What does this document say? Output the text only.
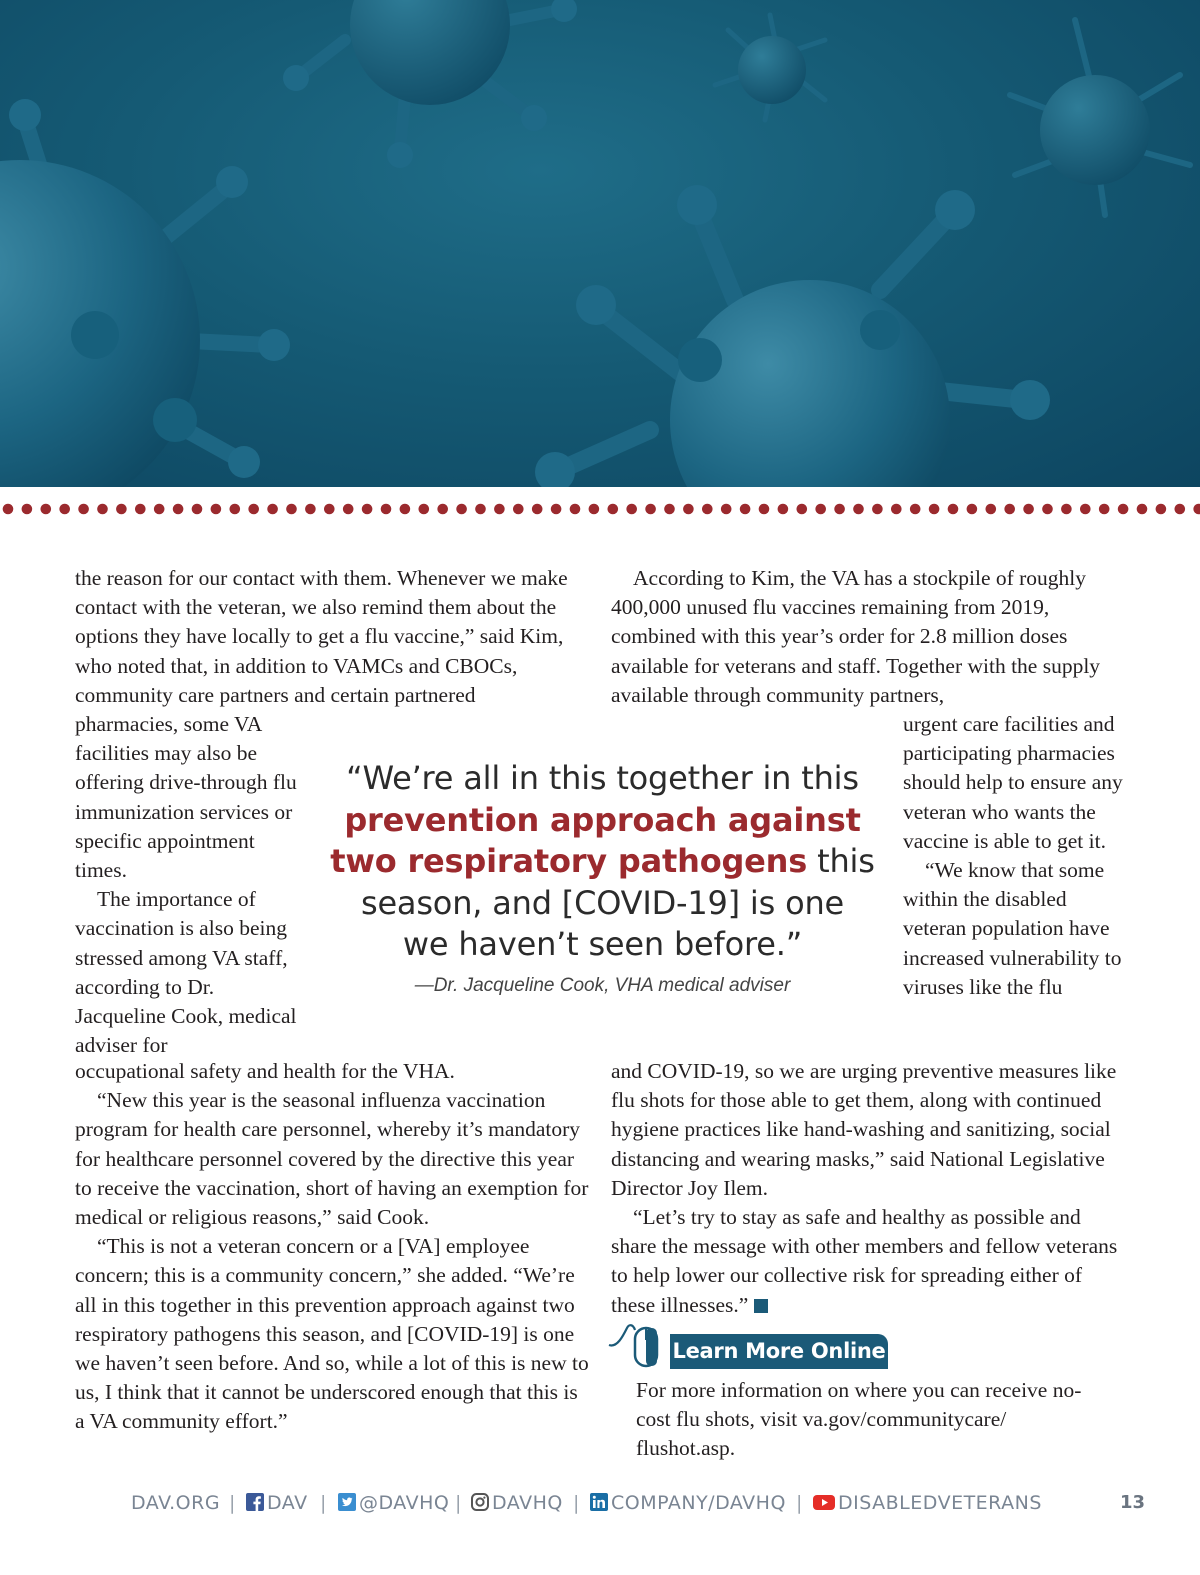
the reason for our contact with them. Whenever we make contact with the veteran, we also remind them about the options they have locally to get a flu vaccine,” said Kim, who noted that, in addition to VAMCs and CBOCs, community care partners and certain partnered

pharmacies, some VA facilities may also be offering drive-through flu immunization services or specific appointment times.

The importance of vaccination is also being stressed among VA staff, according to Dr. Jacqueline Cook, medical adviser for

occupational safety and health for the VHA.

“New this year is the seasonal influenza vaccination program for health care personnel, whereby it’s mandatory for healthcare personnel covered by the directive this year to receive the vaccination, short of having an exemption for medical or religious reasons,” said Cook.

“This is not a veteran concern or a [VA] employee concern; this is a community concern,” she added. “We’re all in this together in this prevention approach against two respiratory pathogens this season, and [COVID-19] is one we haven’t seen before. And so, while a lot of this is new to us, I think that it cannot be underscored enough that this is a VA community effort.”

According to Kim, the VA has a stockpile of roughly 400,000 unused flu vaccines remaining from 2019, combined with this year’s order for 2.8 million doses available for veterans and staff. Together with the supply available through community partners,

urgent care facilities and participating pharmacies should help to ensure any veteran who wants the vaccine is able to get it.

“We know that some within the disabled veteran population have increased vulnerability to viruses like the flu

and COVID-19, so we are urging preventive measures like flu shots for those able to get them, along with continued hygiene practices like hand-washing and sanitizing, social distancing and wearing masks,” said National Legislative Director Joy Ilem.

“Let’s try to stay as safe and healthy as possible and share the message with other members and fellow veterans to help lower our collective risk for spreading either of these illnesses.”

“We’re all in this together in this
prevention approach against
two respiratory pathogens this
season, and [COVID-19] is one
we haven’t seen before.”
—Dr. Jacqueline Cook, VHA medical adviser
Learn More Online

For more information on where you can receive no-cost flu shots, visit va.gov/communitycare/ flushot.asp.

DAV.ORG |	DAV |	@DAVHQ |	DAVHQ |	COMPANY/DAVHQ |	DISABLEDVETERANS	13
